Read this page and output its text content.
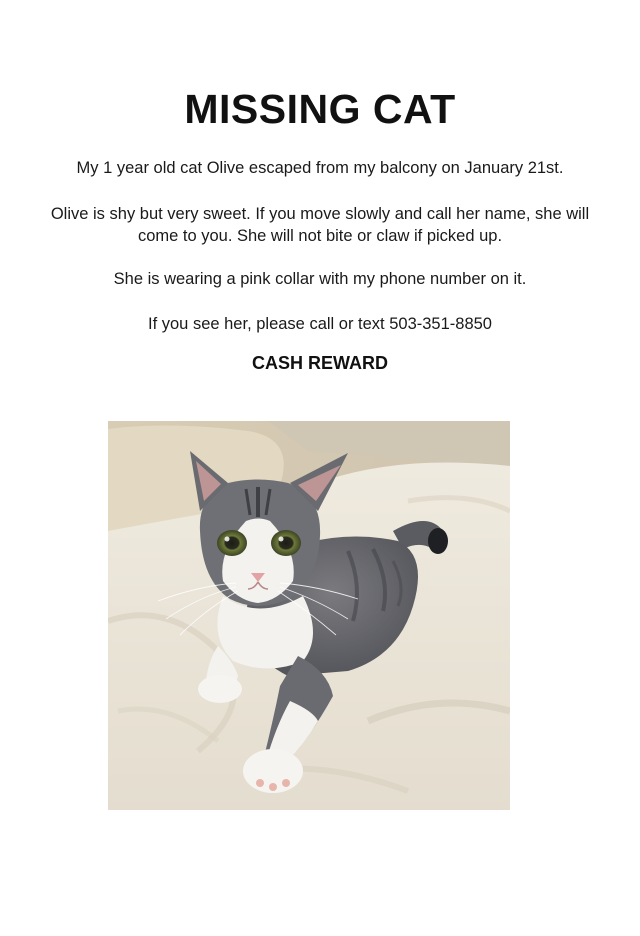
MISSING CAT
My 1 year old cat Olive escaped from my balcony on January 21st.
Olive is shy but very sweet. If you move slowly and call her name, she will come to you. She will not bite or claw if picked up.
She is wearing a pink collar with my phone number on it.
If you see her, please call or text 503-351-8850
CASH REWARD
